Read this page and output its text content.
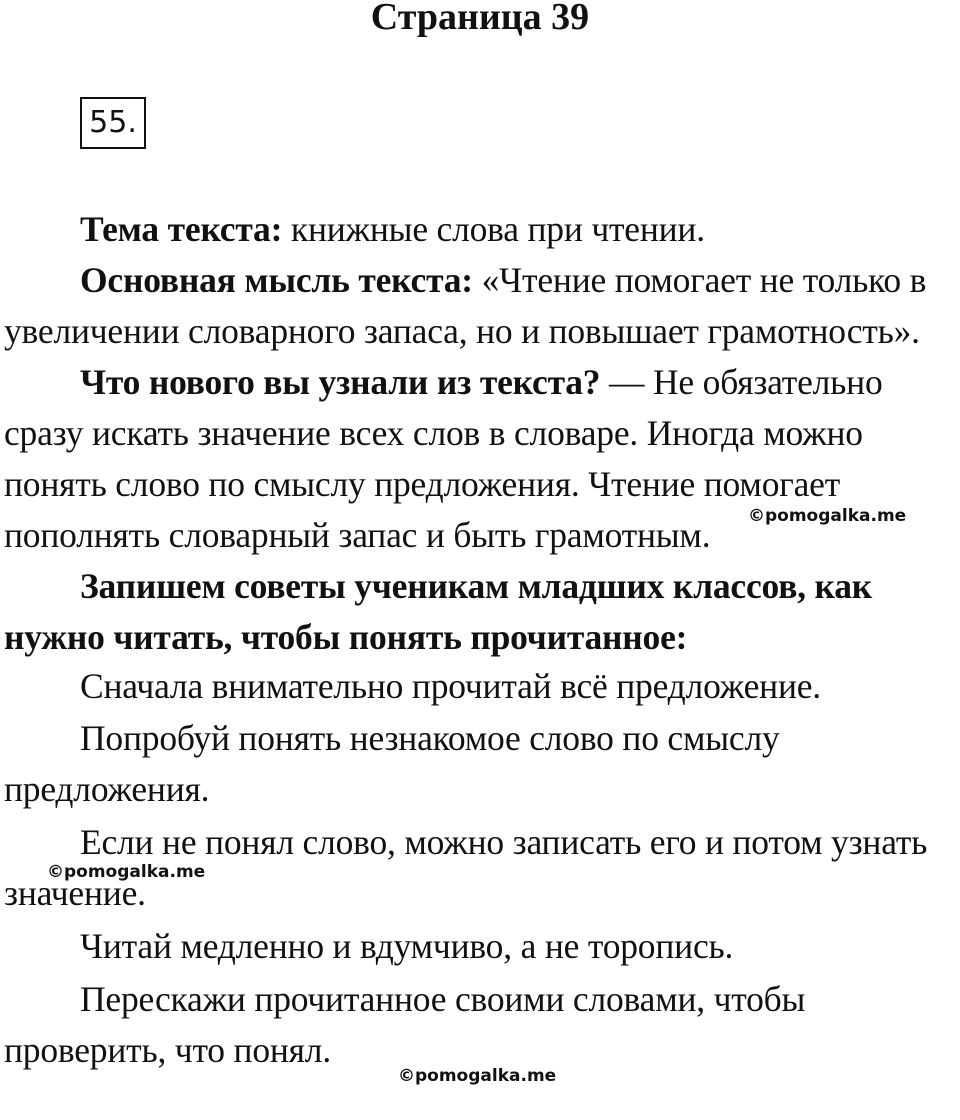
Страница 39
55.

Тема текста: книжные слова при чтении.

Основная мысль текста: «Чтение помогает не только в увеличении словарного запаса, но и повышает грамотность».

Что нового вы узнали из текста? — Не обязательно сразу искать значение всех слов в словаре. Иногда можно понять слово по смыслу предложения. Чтение помогает пополнять словарный запас и быть грамотным.

Запишем советы ученикам младших классов, как нужно читать, чтобы понять прочитанное:

Сначала внимательно прочитай всё предложение.

Попробуй понять незнакомое слово по смыслу предложения.

Если не понял слово, можно записать его и потом узнать значение.

Читай медленно и вдумчиво, а не торопись.

Перескажи прочитанное своими словами, чтобы проверить, что понял.

©pomogalka.me
©pomogalka.me
©pomogalka.me
